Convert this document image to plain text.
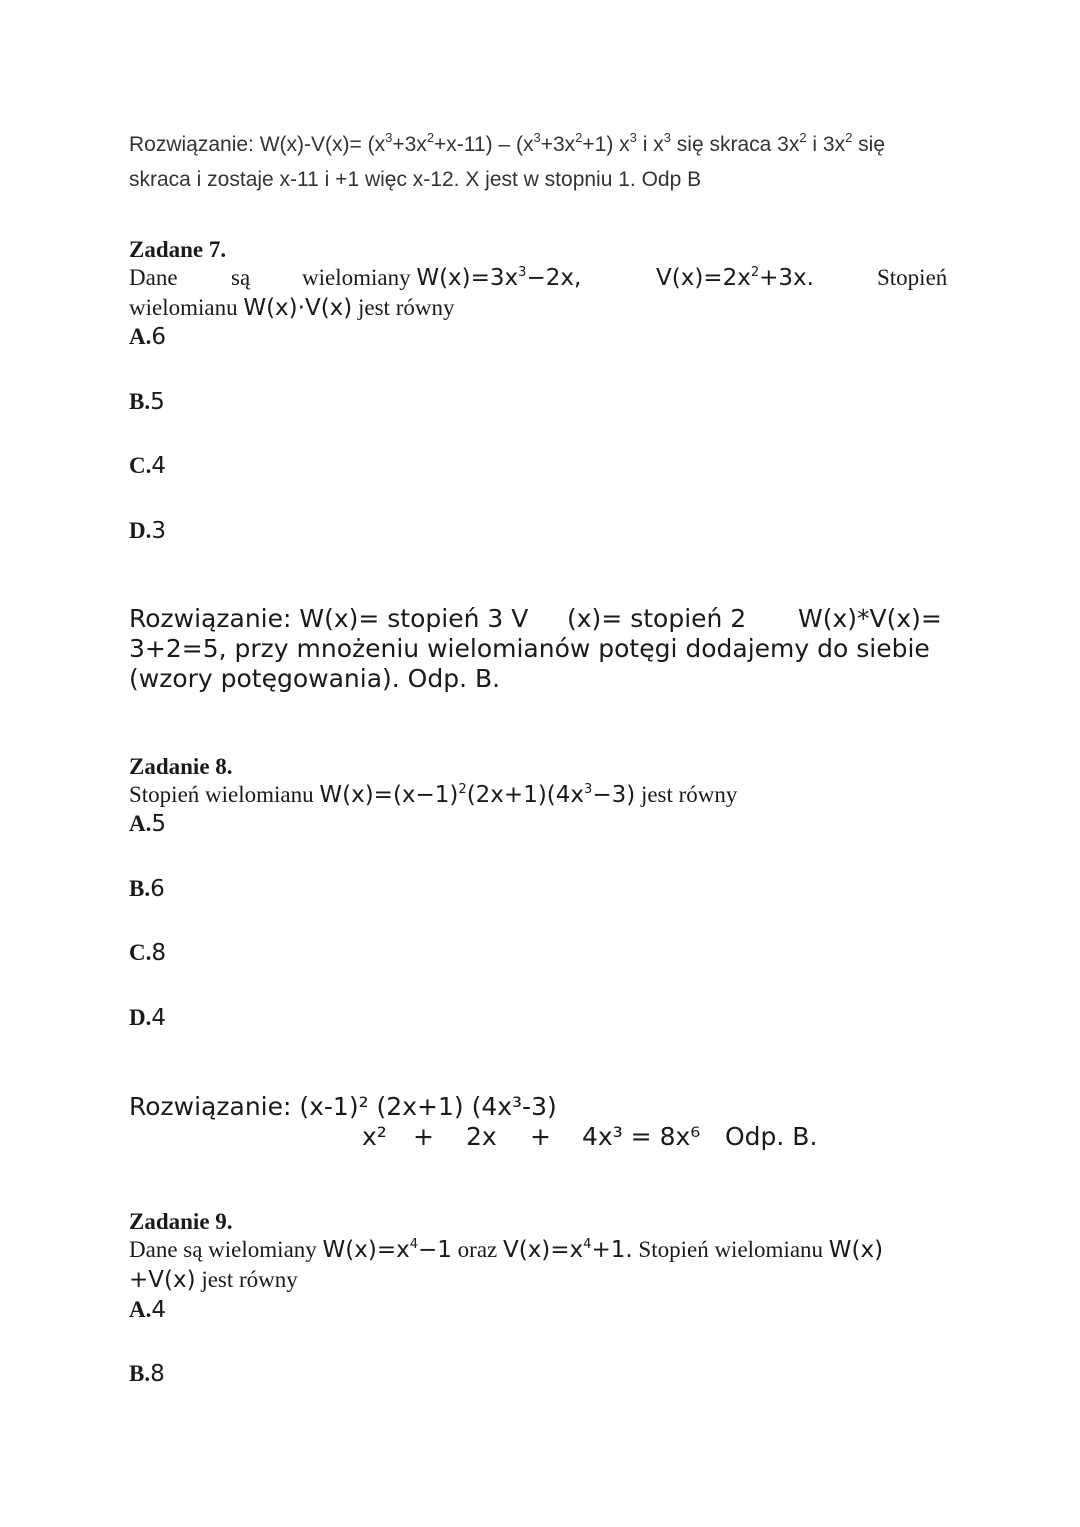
Rozwiązanie: $W(x)-V(x)= (x^3+3x^2+x-11) - (x^3+3x^2+1)$ $x^3$ i $x^3$ się skraca $3x^2$ i $3x^2$ się
skraca i zostaje x-11 i +1 więc x-12. X jest w stopniu 1. Odp B
Zadane 7.
Dane są wielomiany $W(x)=3x^3-2x$,	$V(x)=2x^2+3x$.	Stopień
wielomianu W(x)·V(x) jest równy
A.6
B.5
C.4
D.3
Rozwiązanie: W(x)= stopień 3 V (x)= stopień 2 W(x)*V(x)=
3+2=5, przy mnożeniu wielomianów potęgi dodajemy do siebie
(wzory potęgowania). Odp. B.
Zadanie 8.
Stopień wielomianu $W(x)=(x-1)^2(2x+1)(4x^3-3)$ jest równy
A.5
B.6
C.8
D.4
Rozwiązanie: (x-1)² (2x+1) (4x³-3)
x² + 2x + 4x³ = 8x⁶ Odp. B.
Zadanie 9.
Dane są wielomiany $W(x)=x^4-1$ oraz $V(x)=x^4+1$. Stopień wielomianu W(x)
+V(x) jest równy
A.4
B.8
